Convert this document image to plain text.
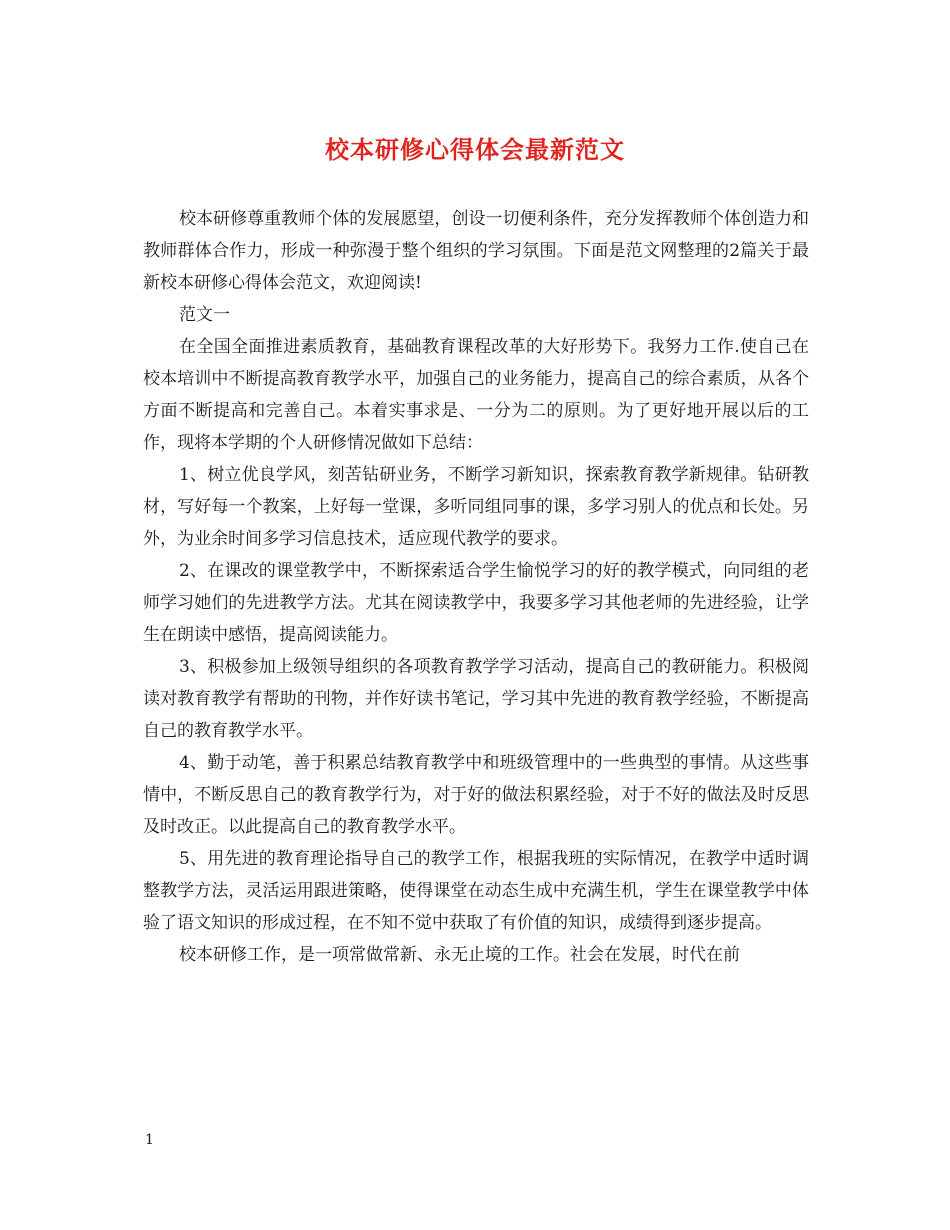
校本研修心得体会最新范文

校本研修尊重教师个体的发展愿望，创设一切便利条件，充分发挥教师个体创造力和教师群体合作力，形成一种弥漫于整个组织的学习氛围。下面是范文网整理的2篇关于最新校本研修心得体会范文，欢迎阅读!

范文一

在全国全面推进素质教育，基础教育课程改革的大好形势下。我努力工作.使自己在校本培训中不断提高教育教学水平，加强自己的业务能力，提高自己的综合素质，从各个方面不断提高和完善自己。本着实事求是、一分为二的原则。为了更好地开展以后的工作，现将本学期的个人研修情况做如下总结：

1、树立优良学风，刻苦钻研业务，不断学习新知识，探索教育教学新规律。钻研教材，写好每一个教案，上好每一堂课，多听同组同事的课，多学习别人的优点和长处。另外，为业余时间多学习信息技术，适应现代教学的要求。

2、在课改的课堂教学中，不断探索适合学生愉悦学习的好的教学模式，向同组的老师学习她们的先进教学方法。尤其在阅读教学中，我要多学习其他老师的先进经验，让学生在朗读中感悟，提高阅读能力。

3、积极参加上级领导组织的各项教育教学学习活动，提高自己的教研能力。积极阅读对教育教学有帮助的刊物，并作好读书笔记，学习其中先进的教育教学经验，不断提高自己的教育教学水平。

4、勤于动笔，善于积累总结教育教学中和班级管理中的一些典型的事情。从这些事情中，不断反思自己的教育教学行为，对于好的做法积累经验，对于不好的做法及时反思及时改正。以此提高自己的教育教学水平。

5、用先进的教育理论指导自己的教学工作，根据我班的实际情况，在教学中适时调整教学方法，灵活运用跟进策略，使得课堂在动态生成中充满生机，学生在课堂教学中体验了语文知识的形成过程，在不知不觉中获取了有价值的知识，成绩得到逐步提高。

校本研修工作，是一项常做常新、永无止境的工作。社会在发展，时代在前

1
